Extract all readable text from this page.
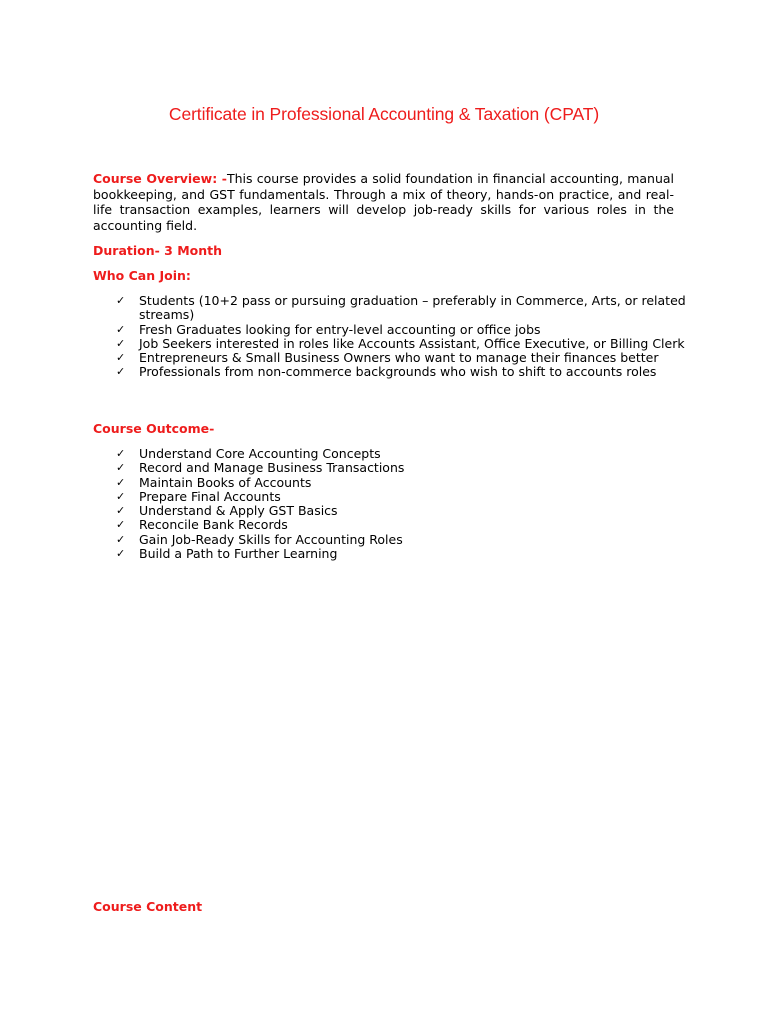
Certificate in Professional Accounting & Taxation (CPAT)
Course Overview: -This course provides a solid foundation in financial accounting, manual bookkeeping, and GST fundamentals. Through a mix of theory, hands-on practice, and real-life transaction examples, learners will develop job-ready skills for various roles in the accounting field.
Duration- 3 Month
Who Can Join:
✓	Students (10+2 pass or pursuing graduation – preferably in Commerce, Arts, or related streams)
✓	Fresh Graduates looking for entry-level accounting or office jobs
✓	Job Seekers interested in roles like Accounts Assistant, Office Executive, or Billing Clerk
✓	Entrepreneurs & Small Business Owners who want to manage their finances better
✓	Professionals from non-commerce backgrounds who wish to shift to accounts roles
Course Outcome-
✓	Understand Core Accounting Concepts
✓	Record and Manage Business Transactions
✓	Maintain Books of Accounts
✓	Prepare Final Accounts
✓	Understand & Apply GST Basics
✓	Reconcile Bank Records
✓	Gain Job-Ready Skills for Accounting Roles
✓	Build a Path to Further Learning
Course Content
